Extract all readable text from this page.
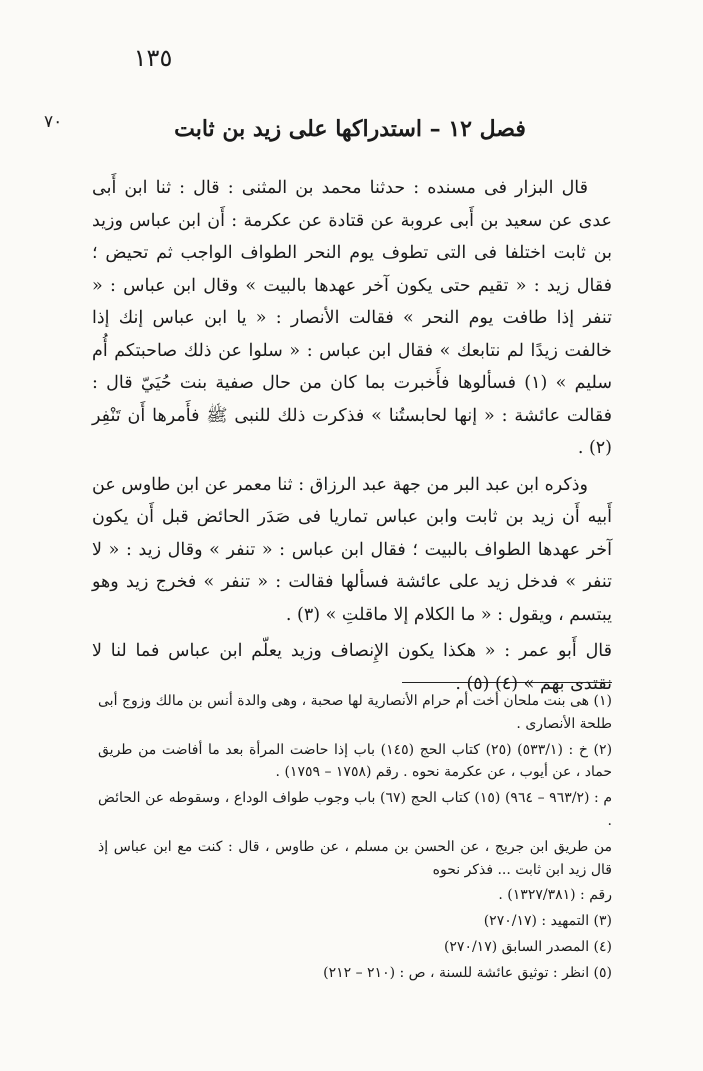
١٣٥
٧٠	فصل ١٢ – استدراكها على زيد بن ثابت

قال البزار فى مسنده : حدثنا محمد بن المثنى : قال : ثنا ابن أَبى عدى عن سعيد بن أَبى عروبة عن قتادة عن عكرمة : أَن ابن عباس وزيد بن ثابت اختلفا فى التى تطوف يوم النحر الطواف الواجب ثم تحيض ؛ فقال زيد : « تقيم حتى يكون آخر عهدها بالبيت » وقال ابن عباس : « تنفر إذا طافت يوم النحر » فقالت الأنصار : « يا ابن عباس إنك إذا خالفت زيدًا لم نتابعك » فقال ابن عباس : « سلوا عن ذلك صاحبتكم أُم سليم » (١) فسألوها فأَخبرت بما كان من حال صفية بنت حُيَيّ قال : فقالت عائشة : « إنها لحابستُنا » فذكرت ذلك للنبى ﷺ فأَمرها أَن تَنْفِر (٢) .

وذكره ابن عبد البر من جهة عبد الرزاق : ثنا معمر عن ابن طاوس عن أَبيه أَن زيد بن ثابت وابن عباس تماريا فى صَدَر الحائض قبل أَن يكون آخر عهدها الطواف بالبيت ؛ فقال ابن عباس : « تنفر » وقال زيد : « لا تنفر » فدخل زيد على عائشة فسألها فقالت : « تنفر » فخرج زيد وهو يبتسم ، ويقول : « ما الكلام إلا ماقلتِ » (٣) .

قال أَبو عمر : « هكذا يكون الإِنصاف وزيد يعلّم ابن عباس فما لنا لا نقتدى بهم » (٤) (٥) .

(١) هى بنت ملحان أخت أم حرام الأنصارية لها صحبة ، وهى والدة أنس بن مالك وزوج أبى طلحة الأنصارى .

(٢) خ : (٥٣٣/١) (٢٥) كتاب الحج (١٤٥) باب إذا حاضت المرأة بعد ما أفاضت من طريق حماد ، عن أيوب ، عن عكرمة نحوه . رقم (١٧٥٨ – ١٧٥٩) .

م : (٩٦٣/٢ – ٩٦٤) (١٥) كتاب الحج (٦٧) باب وجوب طواف الوداع ، وسقوطه عن الحائض .

من طريق ابن جريج ، عن الحسن بن مسلم ، عن طاوس ، قال : كنت مع ابن عباس إذ قال زيد ابن ثابت ... فذكر نحوه

رقم : (١٣٢٧/٣٨١) .

(٣) التمهيد : (٢٧٠/١٧)

(٤) المصدر السابق (٢٧٠/١٧)

(٥) انظر : توثيق عائشة للسنة ، ص : (٢١٠ – ٢١٢)
